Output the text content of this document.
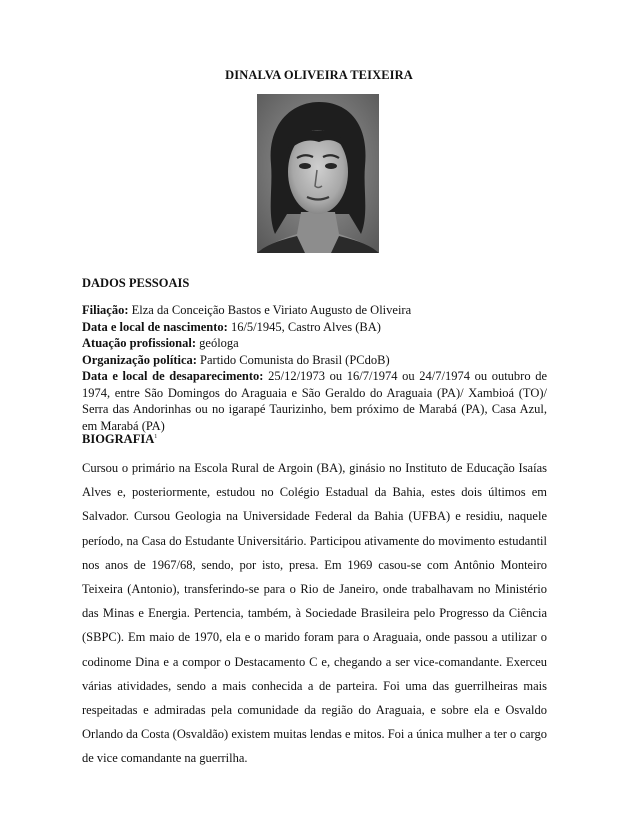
DINALVA OLIVEIRA TEIXEIRA
DADOS PESSOAIS

Filiação: Elza da Conceição Bastos e Viriato Augusto de Oliveira

Data e local de nascimento: 16/5/1945, Castro Alves (BA)

Atuação profissional: geóloga

Organização política: Partido Comunista do Brasil (PCdoB)

Data e local de desaparecimento: 25/12/1973 ou 16/7/1974 ou 24/7/1974 ou outubro de 1974, entre São Domingos do Araguaia e São Geraldo do Araguaia (PA)/ Xambioá (TO)/ Serra das Andorinhas ou no igarapé Taurizinho, bem próximo de Marabá (PA), Casa Azul, em Marabá (PA)

BIOGRAFIA$^1$

Cursou o primário na Escola Rural de Argoin (BA), ginásio no Instituto de Educação Isaías Alves e, posteriormente, estudou no Colégio Estadual da Bahia, estes dois últimos em Salvador. Cursou Geologia na Universidade Federal da Bahia (UFBA) e residiu, naquele período, na Casa do Estudante Universitário. Participou ativamente do movimento estudantil nos anos de 1967/68, sendo, por isto, presa. Em 1969 casou-se com Antônio Monteiro Teixeira (Antonio), transferindo-se para o Rio de Janeiro, onde trabalhavam no Ministério das Minas e Energia. Pertencia, também, à Sociedade Brasileira pelo Progresso da Ciência (SBPC). Em maio de 1970, ela e o marido foram para o Araguaia, onde passou a utilizar o codinome Dina e a compor o Destacamento C e, chegando a ser vice-comandante. Exerceu várias atividades, sendo a mais conhecida a de parteira. Foi uma das guerrilheiras mais respeitadas e admiradas pela comunidade da região do Araguaia, e sobre ela e Osvaldo Orlando da Costa (Osvaldão) existem muitas lendas e mitos. Foi a única mulher a ter o cargo de vice comandante na guerrilha.
